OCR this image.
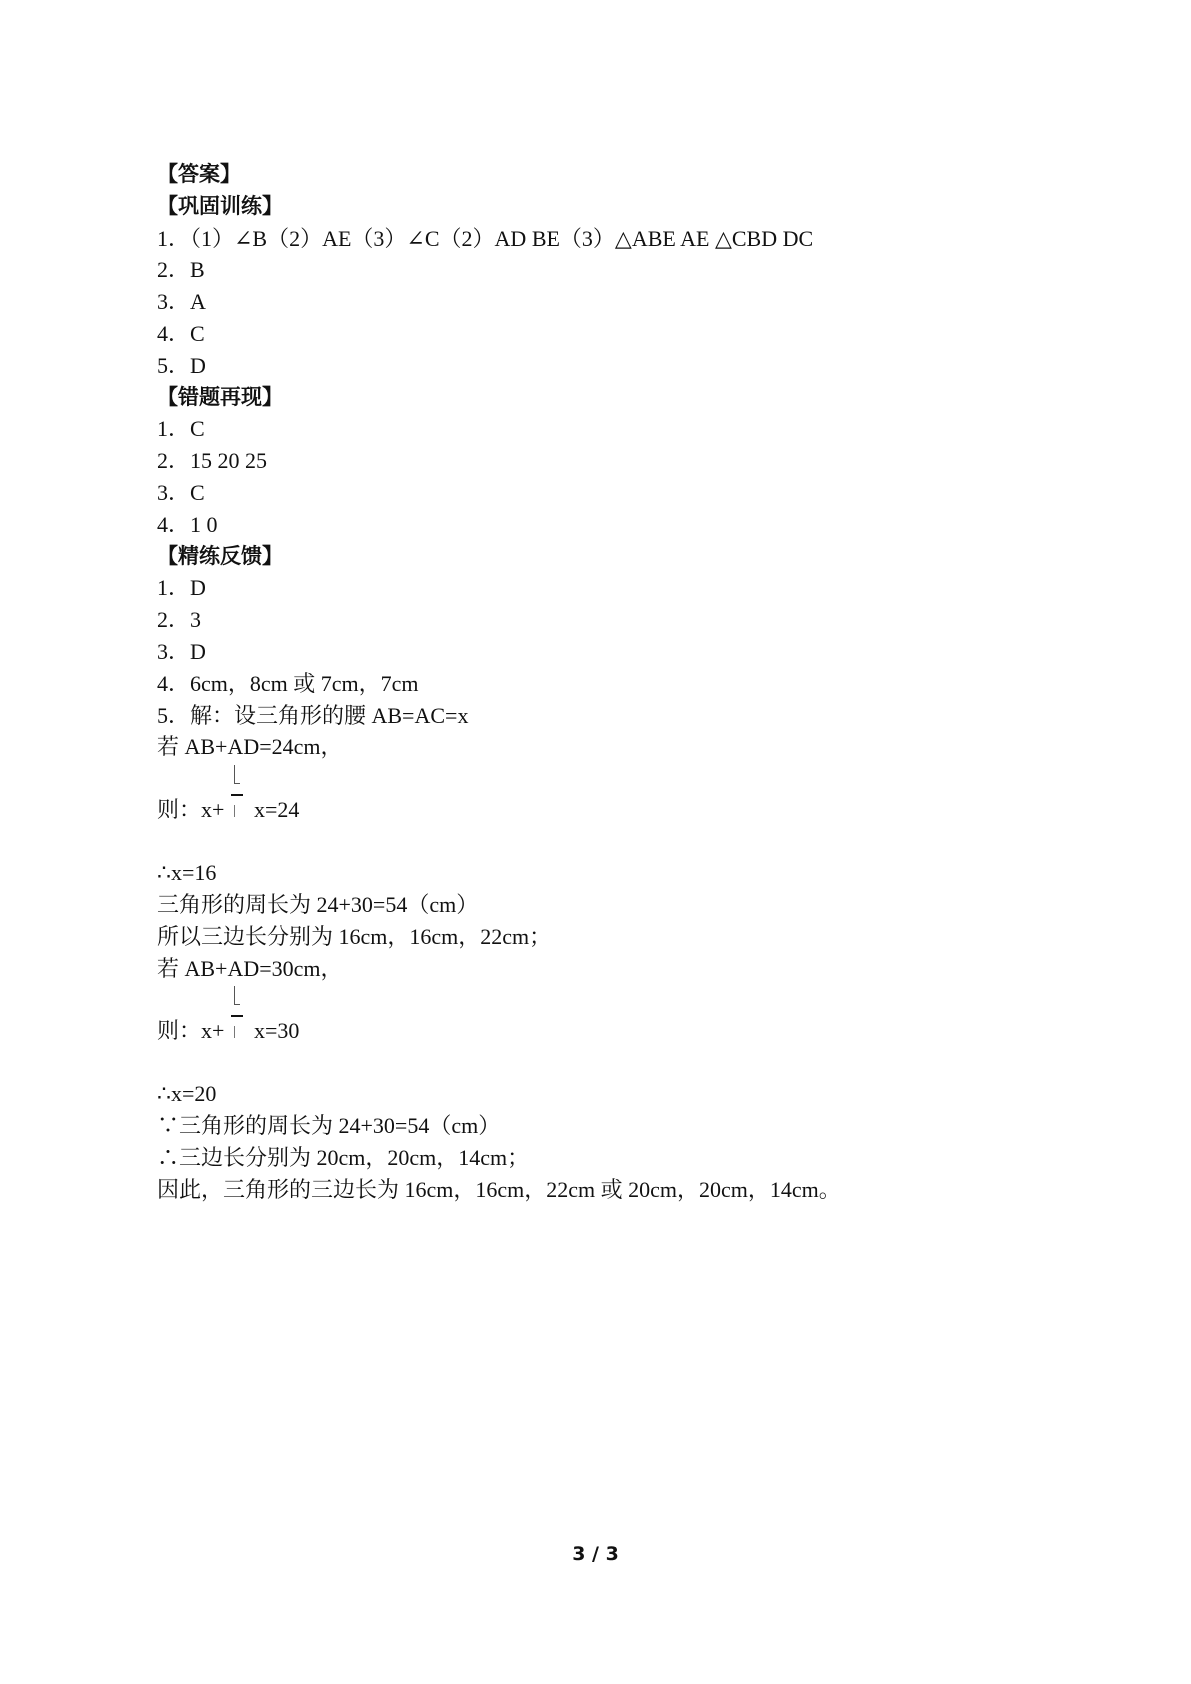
【答案】
【巩固训练】
1．（1）∠B（2）AE（3）∠C（2）AD BE（3）△ABE AE △CBD DC
2．B
3．A
4．C
5．D
【错题再现】
1．C
2．15 20 25
3．C
4．1 0
【精练反馈】
1．D
2．3
3．D
4．6cm，8cm 或 7cm，7cm
5．解：设三角形的腰 AB=AC=x
若 AB+AD=24cm，
则：x+ x=24
∴x=16
三角形的周长为 24+30=54（cm）
所以三边长分别为 16cm，16cm，22cm；
若 AB+AD=30cm，
则：x+ x=30
∴x=20
∵三角形的周长为 24+30=54（cm）
∴三边长分别为 20cm，20cm，14cm；
因此，三角形的三边长为 16cm，16cm，22cm 或 20cm，20cm，14cm。
3 / 3
